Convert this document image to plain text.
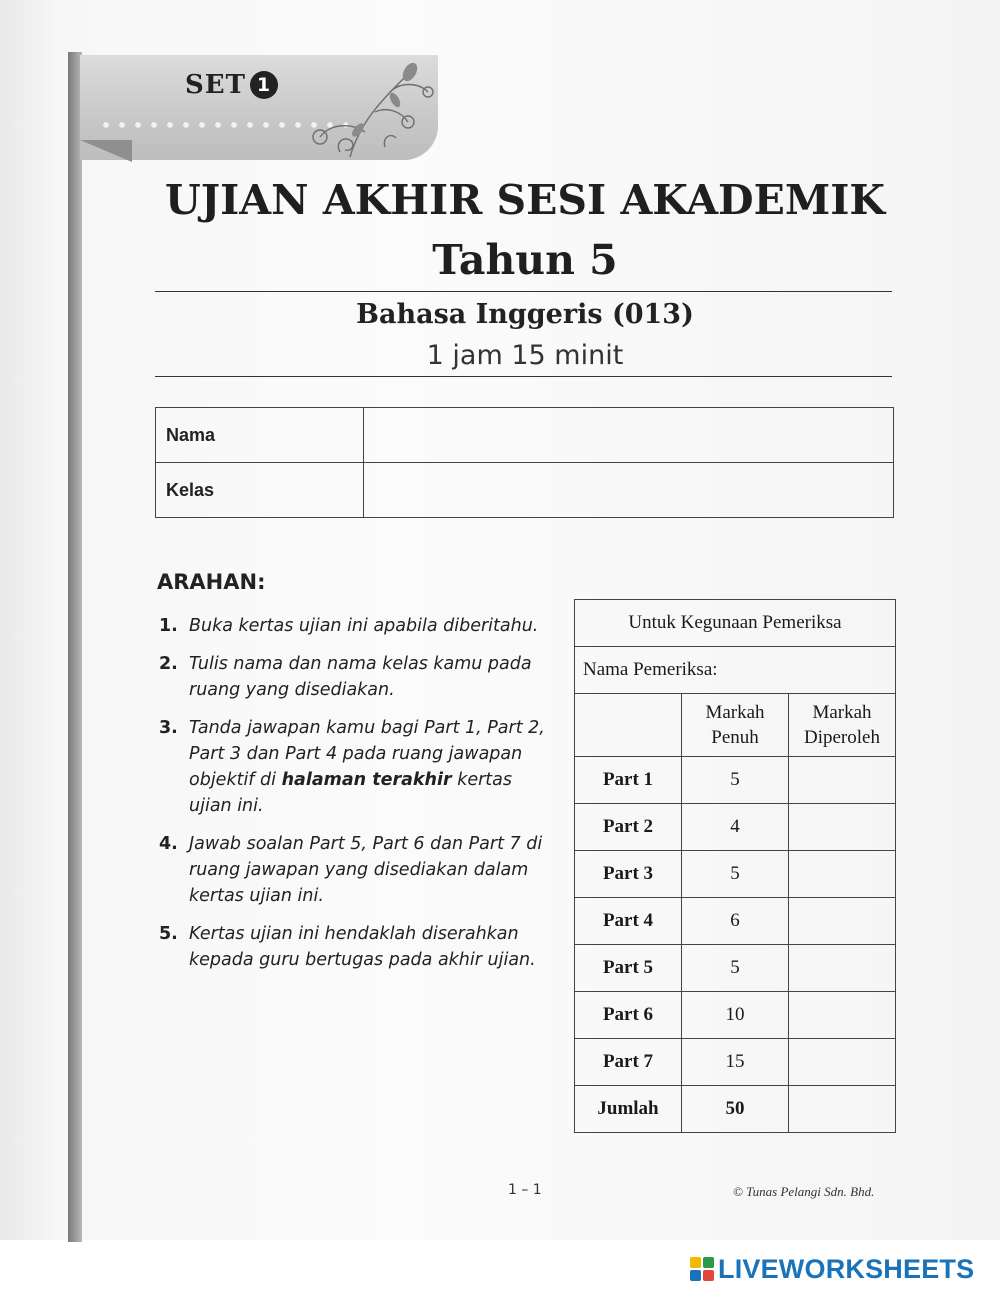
SET 1
UJIAN AKHIR SESI AKADEMIK
Tahun 5
Bahasa Inggeris (013)
1 jam 15 minit
Nama	
Kelas	
ARAHAN:
1. Buka kertas ujian ini apabila diberitahu.
2. Tulis nama dan nama kelas kamu pada ruang yang disediakan.
3. Tanda jawapan kamu bagi Part 1, Part 2, Part 3 dan Part 4 pada ruang jawapan objektif di halaman terakhir kertas ujian ini.
4. Jawab soalan Part 5, Part 6 dan Part 7 di ruang jawapan yang disediakan dalam kertas ujian ini.
5. Kertas ujian ini hendaklah diserahkan kepada guru bertugas pada akhir ujian.
Untuk Kegunaan Pemeriksa		
Nama Pemeriksa:		
	Markah Penuh	Markah Diperoleh
Part 1	5	
Part 2	4	
Part 3	5	
Part 4	6	
Part 5	5	
Part 6	10	
Part 7	15	
Jumlah	50	
1 – 1	© Tunas Pelangi Sdn. Bhd.
LIVEWORKSHEETS
